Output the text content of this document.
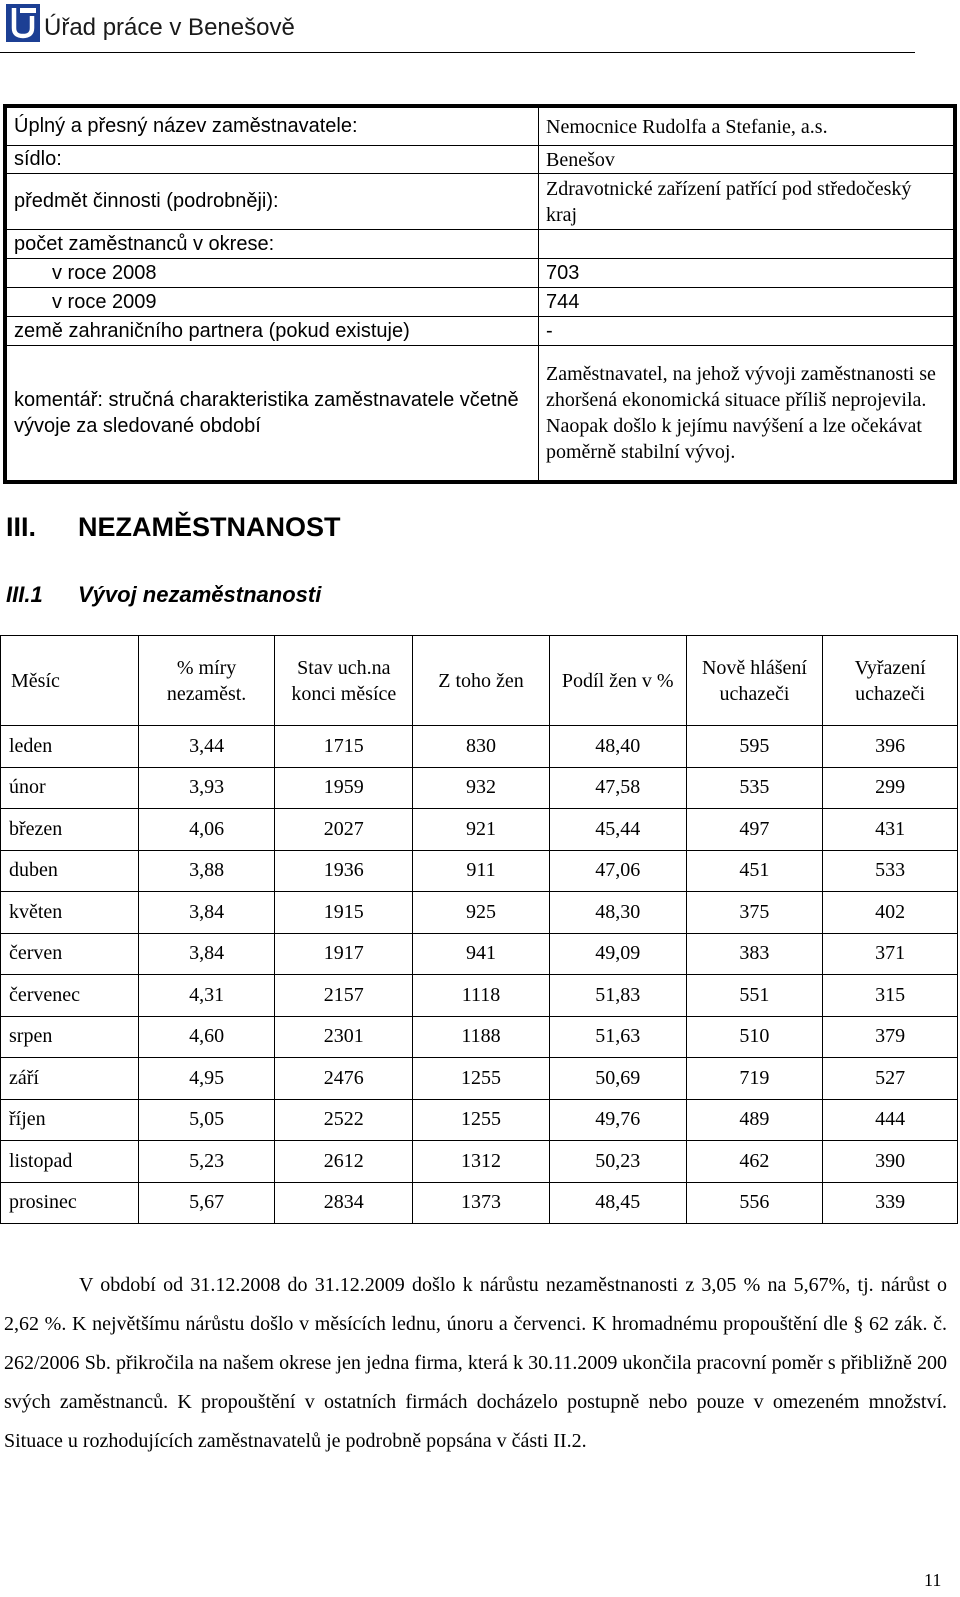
Úřad práce v Benešově
Úplný a přesný název zaměstnavatele:	Nemocnice Rudolfa a Stefanie, a.s.
sídlo:	Benešov
předmět činnosti (podrobněji):	Zdravotnické zařízení patřící pod středočeský kraj
počet zaměstnanců v okrese:	
v roce 2008	703
v roce 2009	744
země zahraničního partnera (pokud existuje)	-
komentář: stručná charakteristika zaměstnavatele včetně vývoje za sledované období	Zaměstnavatel, na jehož vývoji zaměstnanosti se zhoršená ekonomická situace příliš neprojevila. Naopak došlo k jejímu navýšení a lze očekávat poměrně stabilní vývoj.
III. NEZAMĚSTNANOST
III.1 Vývoj nezaměstnanosti
Měsíc	% míry nezaměst.	Stav uch.na konci měsíce	Z toho žen	Podíl žen v %	Nově hlášení uchazeči	Vyřazení uchazeči
leden	3,44	1715	830	48,40	595	396
únor	3,93	1959	932	47,58	535	299
březen	4,06	2027	921	45,44	497	431
duben	3,88	1936	911	47,06	451	533
květen	3,84	1915	925	48,30	375	402
červen	3,84	1917	941	49,09	383	371
červenec	4,31	2157	1118	51,83	551	315
srpen	4,60	2301	1188	51,63	510	379
září	4,95	2476	1255	50,69	719	527
říjen	5,05	2522	1255	49,76	489	444
listopad	5,23	2612	1312	50,23	462	390
prosinec	5,67	2834	1373	48,45	556	339

V období od 31.12.2008 do 31.12.2009 došlo k nárůstu nezaměstnanosti z 3,05 % na 5,67%, tj. nárůst o 2,62 %. K největšímu nárůstu došlo v měsících lednu, únoru a červenci. K hromadnému propouštění dle § 62 zák. č. 262/2006 Sb. přikročila na našem okrese jen jedna firma, která k 30.11.2009 ukončila pracovní poměr s přibližně 200 svých zaměstnanců. K propouštění v ostatních firmách docházelo postupně nebo pouze v omezeném množství. Situace u rozhodujících zaměstnavatelů je podrobně popsána v části II.2.

11
